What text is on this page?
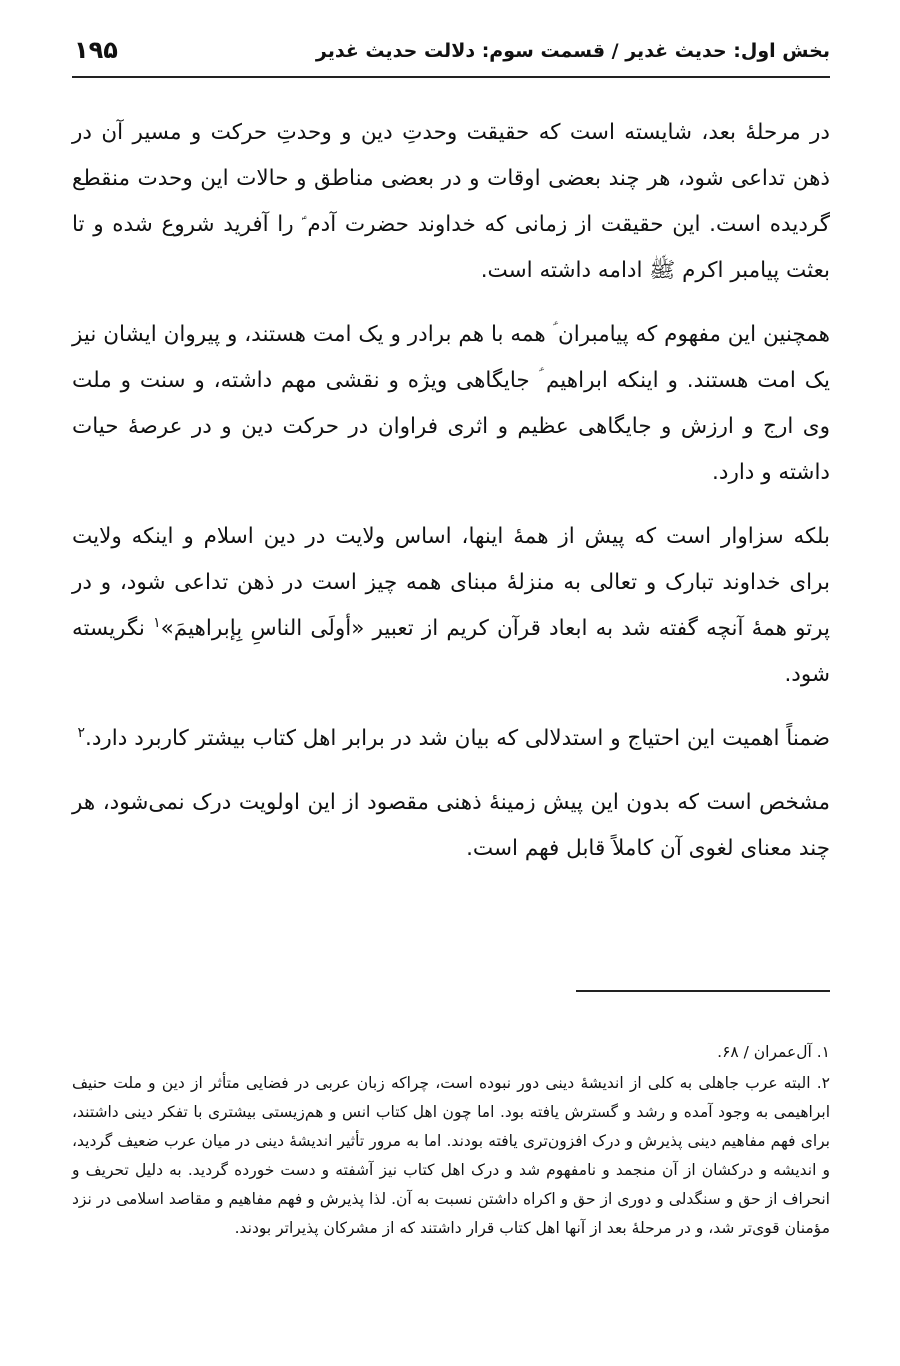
بخش اول: حدیث غدیر / قسمت سوم: دلالت حدیث غدیر
۱۹۵

در مرحلهٔ بعد، شایسته است که حقیقت وحدتِ دین و وحدتِ حرکت و مسیر آن در ذهن تداعی شود، هر چند بعضی اوقات و در بعضی مناطق و حالات این وحدت منقطع گردیده است. این حقیقت از زمانی که خداوند حضرت آدم ؑ را آفرید شروع شده و تا بعثت پیامبر اکرم ﷺ ادامه داشته است.

همچنین این مفهوم که پیامبران ؑ همه با هم برادر و یک امت هستند، و پیروان ایشان نیز یک امت هستند. و اینکه ابراهیم ؑ جایگاهی ویژه و نقشی مهم داشته، و سنت و ملت وی ارج و ارزش و جایگاهی عظیم و اثری فراوان در حرکت دین و در عرصهٔ حیات داشته و دارد.

بلکه سزاوار است که پیش از همهٔ اینها، اساس ولایت در دین اسلام و اینکه ولایت برای خداوند تبارک و تعالی به منزلهٔ مبنای همه چیز است در ذهن تداعی شود، و در پرتو همهٔ آنچه گفته شد به ابعاد قرآن کریم از تعبیر «أولَی الناسِ بِإبراهیمَ»$^۱$ نگریسته شود.

ضمناً اهمیت این احتیاج و استدلالی که بیان شد در برابر اهل کتاب بیشتر کاربرد دارد.$^۲$

مشخص است که بدون این پیش زمینهٔ ذهنی مقصود از این اولویت درک نمی‌شود، هر چند معنای لغوی آن کاملاً قابل فهم است.

۱. آل‌عمران / ۶۸.

۲. البته عرب جاهلی به کلی از اندیشهٔ دینی دور نبوده است، چراکه زبان عربی در فضایی متأثر از دین و ملت حنیف ابراهیمی به وجود آمده و رشد و گسترش یافته بود. اما چون اهل کتاب انس و هم‌زیستی بیشتری با تفکر دینی داشتند، برای فهم مفاهیم دینی پذیرش و درک افزون‌تری یافته بودند. اما به مرور تأثیر اندیشهٔ دینی در میان عرب ضعیف گردید، و اندیشه و درکشان از آن منجمد و نامفهوم شد و درک اهل کتاب نیز آشفته و دست خورده گردید. به دلیل تحریف و انحراف از حق و سنگدلی و دوری از حق و اکراه داشتن نسبت به آن. لذا پذیرش و فهم مفاهیم و مقاصد اسلامی در نزد مؤمنان قوی‌تر شد، و در مرحلهٔ بعد از آنها اهل کتاب قرار داشتند که از مشرکان پذیراتر بودند.
